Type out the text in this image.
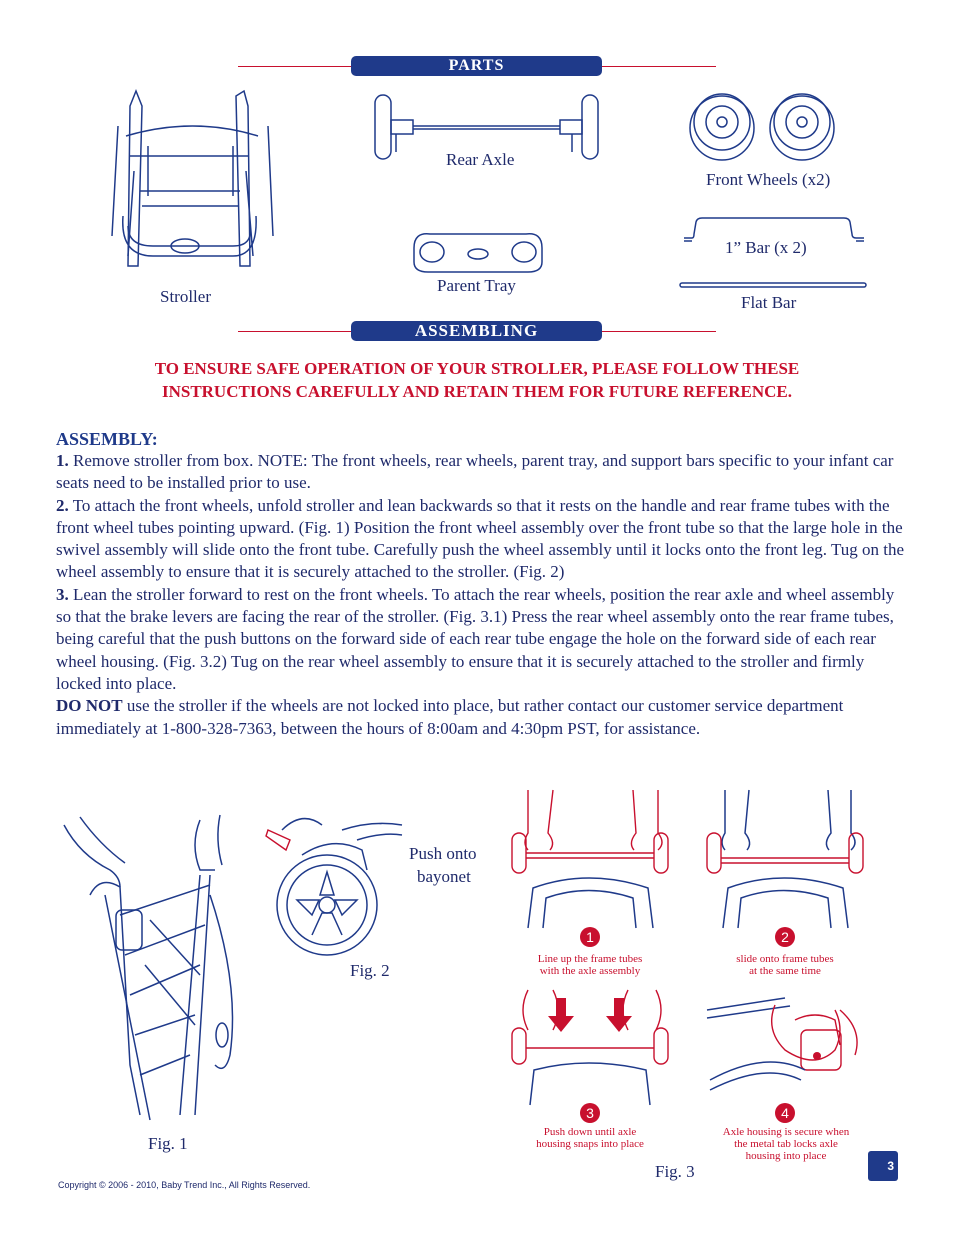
PARTS
Stroller
Rear Axle
Front Wheels (x2)
Parent Tray
1” Bar (x 2)
Flat Bar
ASSEMBLING
TO ENSURE SAFE OPERATION OF YOUR STROLLER, PLEASE FOLLOW THESE
INSTRUCTIONS CAREFULLY AND RETAIN THEM FOR FUTURE REFERENCE.

ASSEMBLY:

1. Remove stroller from box. NOTE: The front wheels, rear wheels, parent tray, and support bars specific to your infant car seats need to be installed prior to use.

2. To attach the front wheels, unfold stroller and lean backwards so that it rests on the handle and rear frame tubes with the front wheel tubes pointing upward. (Fig. 1) Position the front wheel assembly over the front tube so that the large hole in the swivel assembly will slide onto the front tube. Carefully push the wheel assembly until it locks onto the front leg. Tug on the wheel assembly to ensure that it is securely attached to the stroller. (Fig. 2)

3. Lean the stroller forward to rest on the front wheels. To attach the rear wheels, position the rear axle and wheel assembly so that the brake levers are facing the rear of the stroller. (Fig. 3.1) Press the rear wheel assembly onto the rear frame tubes, being careful that the push buttons on the forward side of each rear tube engage the hole on the forward side of each rear wheel housing. (Fig. 3.2) Tug on the rear wheel assembly to ensure that it is securely attached to the stroller and firmly locked into place.

DO NOT use the stroller if the wheels are not locked into place, but rather contact our customer service department immediately at 1-800-328-7363, between the hours of 8:00am and 4:30pm PST, for assistance.

Fig. 1
Push onto
bayonet
Fig. 2
1
Line up the frame tubes
with the axle assembly
2
slide onto frame tubes
at the same time
3
Push down until axle
housing snaps into place
4
Axle housing is secure when
the metal tab locks axle
housing into place
Fig. 3
Copyright © 2006 - 2010, Baby Trend Inc., All Rights Reserved.
3
